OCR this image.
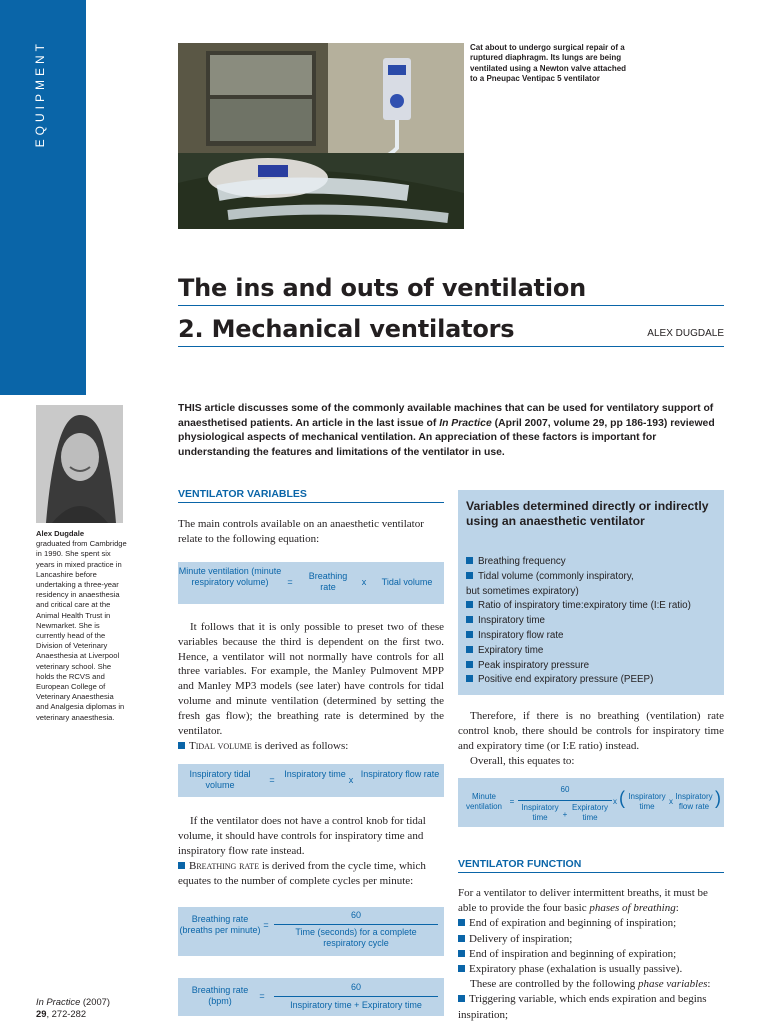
EQUIPMENT	Cat about to undergo surgical repair of a ruptured diaphragm. Its lungs are being ventilated using a Newton valve attached to a Pneupac Ventipac 5 ventilator
The ins and outs of ventilation
2. Mechanical ventilators	ALEX DUGDALE
Alex Dugdale
graduated from Cambridge in 1990. She spent six years in mixed practice in Lancashire before undertaking a three-year residency in anaesthesia and critical care at the Animal Health Trust in Newmarket. She is currently head of the Division of Veterinary Anaesthesia at Liverpool veterinary school. She holds the RCVS and European College of Veterinary Anaesthesia and Analgesia diplomas in veterinary anaesthesia.

THIS article discusses some of the commonly available machines that can be used for ventilatory support of anaesthetised patients. An article in the last issue of In Practice (April 2007, volume 29, pp 186-193) reviewed physiological aspects of mechanical ventilation. An appreciation of these factors is important for understanding the features and limitations of the ventilator in use.

VENTILATOR VARIABLES

The main controls available on an anaesthetic ventilator relate to the following equation:

Minute ventilation (minute respiratory volume)	=
Breathing rate	x	Tidal volume

It follows that it is only possible to preset two of these variables because the third is dependent on the first two. Hence, a ventilator will not normally have controls for all three variables. For example, the Manley Pulmovent MPP and Manley MP3 models (see later) have controls for tidal volume and minute ventilation (determined by setting the fresh gas flow); the breathing rate is determined by the ventilator.

Tidal volume is derived as follows:

Inspiratory tidal volume	=
Inspiratory time
x
Inspiratory flow rate

If the ventilator does not have a control knob for tidal volume, it should have controls for inspiratory time and inspiratory flow rate instead.

Breathing rate is derived from the cycle time, which equates to the number of complete cycles per minute:

Breathing rate (breaths per minute) =
60
Time (seconds) for a complete respiratory cycle
Breathing rate (bpm)	=
60
Inspiratory time + Expiratory time

Variables determined directly or indirectly using an anaesthetic ventilator

Breathing frequency
Tidal volume (commonly inspiratory,
but sometimes expiratory)
Ratio of inspiratory time:expiratory time (I:E ratio)
Inspiratory time
Inspiratory flow rate
Expiratory time
Peak inspiratory pressure
Positive end expiratory pressure (PEEP)

Therefore, if there is no breathing (ventilation) rate control knob, there should be controls for inspiratory time and expiratory time (or I:E ratio) instead.

Overall, this equates to:

Minute ventilation
=
60
Inspiratory time	+
Expiratory time
x ( Inspiratory time
x
Inspiratory flow rate )
VENTILATOR FUNCTION
For a ventilator to deliver intermittent breaths, it must be able to provide the four basic phases of breathing:
End of expiration and beginning of inspiration;
Delivery of inspiration;
End of inspiration and beginning of expiration;
Expiratory phase (exhalation is usually passive).
These are controlled by the following phase variables:
Triggering variable, which ends expiration and begins inspiration;
In Practice (2007)
29, 272-282
